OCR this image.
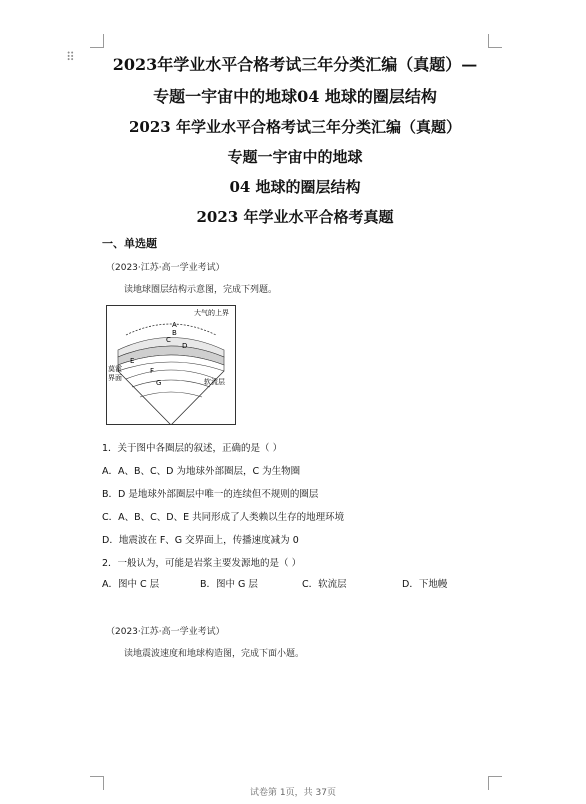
⠿	2023年学业水平合格考试三年分类汇编（真题）—
专题一宇宙中的地球04 地球的圈层结构
2023 年学业水平合格考试三年分类汇编（真题）
专题一宇宙中的地球
04 地球的圈层结构
2023 年学业水平合格考真题
一、单选题
（2023·江苏·高一学业考试）
读地球圈层结构示意图，完成下列题。
大气的上界
A
B
C
D
E
F
G
莫霍
界面	软流层
1．关于图中各圈层的叙述，正确的是（ ）
A．A、B、C、D 为地球外部圈层，C 为生物圈
B．D 是地球外部圈层中唯一的连续但不规则的圈层
C．A、B、C、D、E 共同形成了人类赖以生存的地理环境
D．地震波在 F、G 交界面上，传播速度减为 0
2．一般认为，可能是岩浆主要发源地的是（ ）
A．图中 C 层	B．图中 G 层	C．软流层	D．下地幔
（2023·江苏·高一学业考试）
读地震波速度和地球构造图，完成下面小题。
试卷第 1页，共 37页
